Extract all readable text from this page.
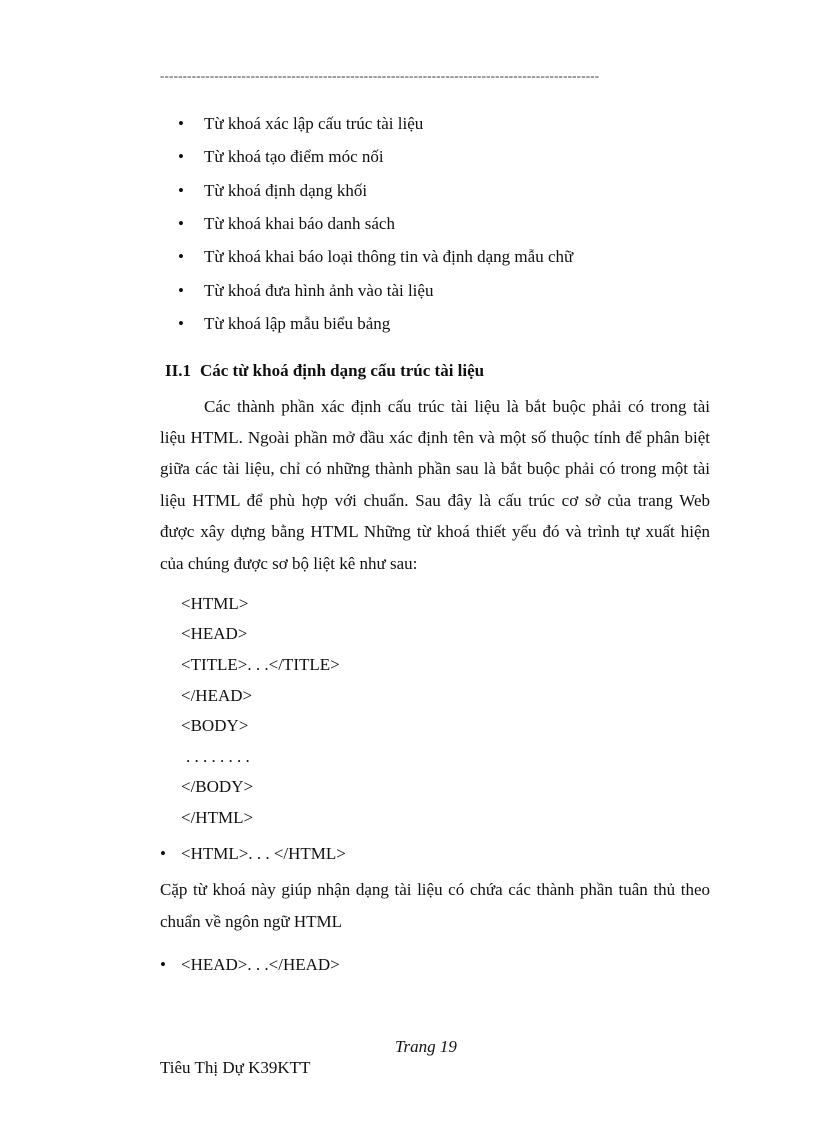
-------------------------------------------------------------------------------------------------
• Từ khoá xác lập cấu trúc tài liệu
• Từ khoá tạo điểm móc nối
• Từ khoá định dạng khối
• Từ khoá khai báo danh sách
• Từ khoá khai báo loại thông tin và định dạng mẫu chữ
• Từ khoá đưa hình ảnh vào tài liệu
• Từ khoá lập mẫu biểu bảng
II.1 Các từ khoá định dạng cấu trúc tài liệu
Các thành phần xác định cấu trúc tài liệu là bắt buộc phải có trong tài
liệu HTML. Ngoài phần mở đầu xác định tên và một số thuộc tính để phân biệt
giữa các tài liệu, chỉ có những thành phần sau là bắt buộc phải có trong một tài
liệu HTML để phù hợp với chuẩn. Sau đây là cấu trúc cơ sở của trang Web
được xây dựng bằng HTML Những từ khoá thiết yếu đó và trình tự xuất hiện
của chúng được sơ bộ liệt kê như sau:
<HTML>
<HEAD>
<TITLE>. . .</TITLE>
</HEAD>
<BODY>
. . . . . . . .
</BODY>
</HTML>
• <HTML>. . . </HTML>
Cặp từ khoá này giúp nhận dạng tài liệu có chứa các thành phần tuân thủ theo
chuẩn về ngôn ngữ HTML
• <HEAD>. . .</HEAD>
Trang 19
Tiêu Thị Dự K39KTT
